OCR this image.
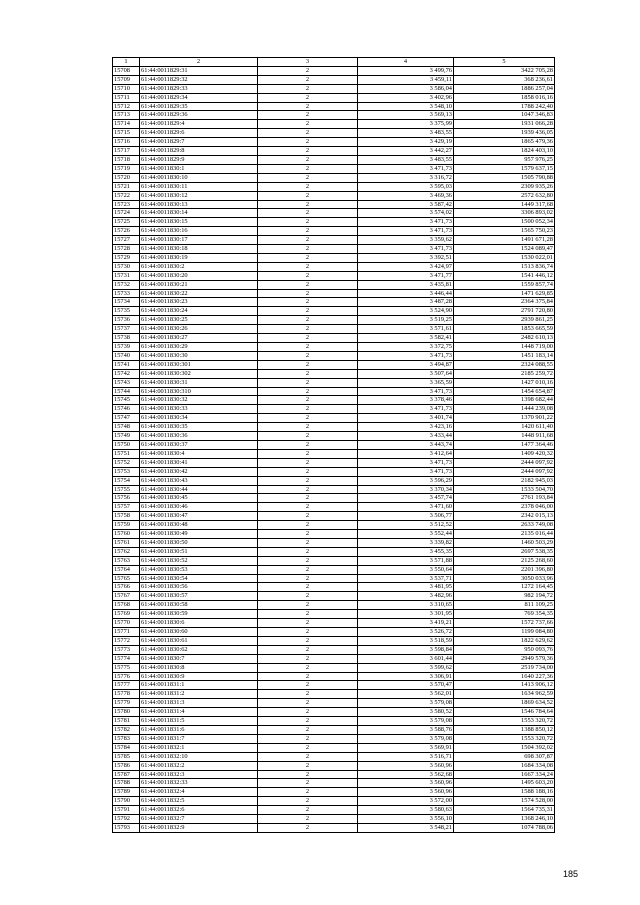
1	2	3	4	5
15708	61:44:0011829:31	2	3 499,76	3422 705,28
15709	61:44:0011829:32	2	3 459,11	368 236,61
15710	61:44:0011829:33	2	3 586,04	1886 257,04
15711	61:44:0011829:34	2	3 402,96	1858 016,16
15712	61:44:0011829:35	2	3 548,10	1788 242,40
15713	61:44:0011829:36	2	3 569,13	1047 346,83
15714	61:44:0011829:4	2	3 375,99	1931 066,28
15715	61:44:0011829:6	2	3 483,55	1939 436,05
15716	61:44:0011829:7	2	3 429,19	1865 479,36
15717	61:44:0011829:8	2	3 442,27	1824 403,10
15718	61:44:0011829:9	2	3 483,55	957 976,25
15719	61:44:0011830:1	2	3 471,73	1579 637,15
15720	61:44:0011830:10	2	3 316,72	1505 790,88
15721	61:44:0011830:11	2	3 595,03	2309 935,26
15722	61:44:0011830:12	2	3 469,36	2572 632,80
15723	61:44:0011830:13	2	3 587,42	1449 317,68
15724	61:44:0011830:14	2	3 574,02	3306 893,02
15725	61:44:0011830:15	2	3 471,73	1500 052,34
15726	61:44:0011830:16	2	3 471,73	1565 750,23
15727	61:44:0011830:17	2	3 359,62	1491 671,28
15728	61:44:0011830:18	2	3 471,73	1524 089,47
15729	61:44:0011830:19	2	3 392,51	1530 022,01
15730	61:44:0011830:2	2	3 424,97	1513 836,74
15731	61:44:0011830:20	2	3 471,77	1541 446,12
15732	61:44:0011830:21	2	3 435,81	1559 857,74
15733	61:44:0011830:22	2	3 446,44	1471 629,85
15734	61:44:0011830:23	2	3 487,28	2364 375,84
15735	61:44:0011830:24	2	3 524,90	2791 720,80
15736	61:44:0011830:25	2	3 519,25	2939 861,25
15737	61:44:0011830:26	2	3 571,61	1853 665,59
15738	61:44:0011830:27	2	3 582,41	2482 610,13
15739	61:44:0011830:29	2	3 372,75	1448 719,00
15740	61:44:0011830:30	2	3 471,73	1451 183,14
15741	61:44:0011830:301	2	3 494,87	2324 088,55
15742	61:44:0011830:302	2	3 507,64	2185 259,72
15743	61:44:0011830:31	2	3 365,59	1427 010,16
15744	61:44:0011830:310	2	3 471,73	1454 654,87
15745	61:44:0011830:32	2	3 378,46	1398 682,44
15746	61:44:0011830:33	2	3 471,73	1444 239,08
15747	61:44:0011830:34	2	3 401,74	1370 901,22
15748	61:44:0011830:35	2	3 423,16	1420 611,40
15749	61:44:0011830:36	2	3 433,44	1448 911,68
15750	61:44:0011830:37	2	3 443,74	1477 364,46
15751	61:44:0011830:4	2	3 412,64	1409 420,32
15752	61:44:0011830:41	2	3 471,73	2444 097,92
15753	61:44:0011830:42	2	3 471,73	2444 097,92
15754	61:44:0011830:43	2	3 596,29	2182 945,03
15755	61:44:0011830:44	2	3 370,34	1533 504,70
15756	61:44:0011830:45	2	3 457,74	2761 193,84
15757	61:44:0011830:46	2	3 471,60	2378 046,00
15758	61:44:0011830:47	2	3 506,77	2342 015,13
15759	61:44:0011830:48	2	3 512,52	2633 749,08
15760	61:44:0011830:49	2	3 552,44	2135 016,44
15761	61:44:0011830:50	2	3 339,82	1460 503,29
15762	61:44:0011830:51	2	3 455,35	2697 538,35
15763	61:44:0011830:52	2	3 571,88	2125 268,60
15764	61:44:0011830:53	2	3 550,64	2201 396,80
15765	61:44:0011830:54	2	3 537,71	3050 033,96
15766	61:44:0011830:56	2	3 481,95	1272 164,45
15767	61:44:0011830:57	2	3 482,96	982 194,72
15768	61:44:0011830:58	2	3 310,65	811 109,25
15769	61:44:0011830:59	2	3 301,95	769 354,35
15770	61:44:0011830:6	2	3 419,21	1572 737,66
15771	61:44:0011830:60	2	3 526,72	1199 084,80
15772	61:44:0011830:61	2	3 518,59	1822 629,62
15773	61:44:0011830:62	2	3 598,84	950 093,76
15774	61:44:0011830:7	2	3 601,44	2949 579,36
15775	61:44:0011830:8	2	3 599,62	2519 734,00
15776	61:44:0011830:9	2	3 306,91	1640 227,36
15777	61:44:0011831:1	2	3 570,47	1413 906,12
15778	61:44:0011831:2	2	3 562,01	1634 962,59
15779	61:44:0011831:3	2	3 579,08	1869 634,52
15780	61:44:0011831:4	2	3 580,52	1546 784,64
15781	61:44:0011831:5	2	3 579,08	1553 320,72
15782	61:44:0011831:6	2	3 588,76	1388 850,12
15783	61:44:0011831:7	2	3 579,08	1553 320,72
15784	61:44:0011832:1	2	3 569,91	1504 392,02
15785	61:44:0011832:10	2	3 516,71	698 307,87
15786	61:44:0011832:2	2	3 560,96	1684 334,08
15787	61:44:0011832:3	2	3 562,68	1667 334,24
15788	61:44:0011832:33	2	3 560,96	1495 603,20
15789	61:44:0011832:4	2	3 560,96	1588 188,16
15790	61:44:0011832:5	2	3 572,00	1574 528,00
15791	61:44:0011832:6	2	3 580,63	1564 735,31
15792	61:44:0011832:7	2	3 556,10	1368 246,10
15793	61:44:0011832:9	2	3 548,21	1074 788,06
185
